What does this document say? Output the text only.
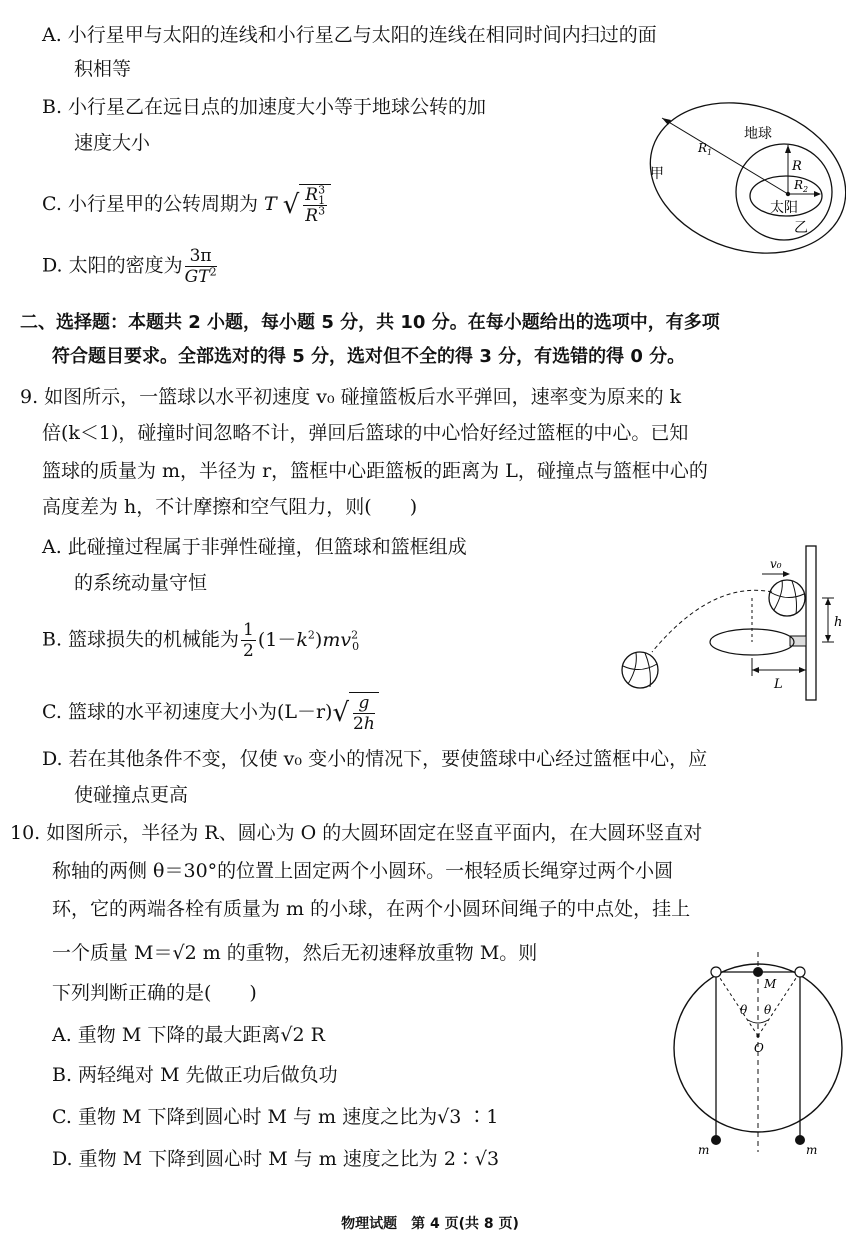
A. 小行星甲与太阳的连线和小行星乙与太阳的连线在相同时间内扫过的面
积相等
B. 小行星乙在远日点的加速度大小等于地球公转的加
速度大小
C. 小行星甲的公转周期为 T √ $\frac{R^3_1}{R^3}$
D. 太阳的密度为 $\frac{3\pi}{GT^2}$
$R_1$
地球
R
$R_2$
太阳
甲
乙
二、选择题：本题共 2 小题，每小题 5 分，共 10 分。在每小题给出的选项中，有多项
符合题目要求。全部选对的得 5 分，选对但不全的得 3 分，有选错的得 0 分。
9. 如图所示，一篮球以水平初速度 v₀ 碰撞篮板后水平弹回，速率变为原来的 k
倍(k＜1)，碰撞时间忽略不计，弹回后篮球的中心恰好经过篮框的中心。已知
篮球的质量为 m，半径为 r，篮框中心距篮板的距离为 L，碰撞点与篮框中心的
高度差为 h，不计摩擦和空气阻力，则(　　)
A. 此碰撞过程属于非弹性碰撞，但篮球和篮框组成
的系统动量守恒
B. 篮球损失的机械能为 $\frac{1}{2} (1-k^2)mv^2_0$
C. 篮球的水平初速度大小为$(L-r)√ \frac{g}{2h}$
D. 若在其他条件不变，仅使 v₀ 变小的情况下，要使篮球中心经过篮框中心，应
使碰撞点更高
v₀
h
L
10. 如图所示，半径为 R、圆心为 O 的大圆环固定在竖直平面内，在大圆环竖直对
称轴的两侧 θ＝30°的位置上固定两个小圆环。一根轻质长绳穿过两个小圆
环，它的两端各栓有质量为 m 的小球，在两个小圆环间绳子的中点处，挂上
一个质量 M＝√2 m 的重物，然后无初速释放重物 M。则
下列判断正确的是(　　)
A. 重物 M 下降的最大距离√2 R
B. 两轻绳对 M 先做正功后做负功
C. 重物 M 下降到圆心时 M 与 m 速度之比为√3 ∶1
D. 重物 M 下降到圆心时 M 与 m 速度之比为 2∶√3
M
θ θ
O
m	m
物理试题　第 4 页(共 8 页)
